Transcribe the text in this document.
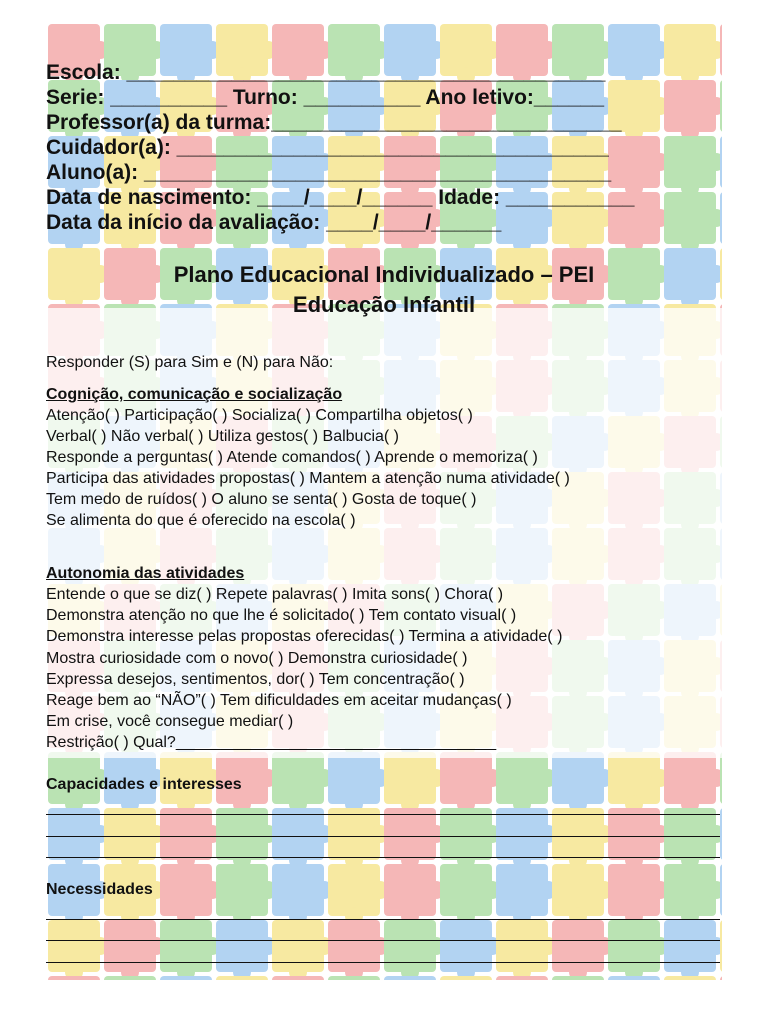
Escola: _________________________________________
Serie: __________ Turno: __________ Ano letivo:______
Professor(a) da turma:______________________________
Cuidador(a): _____________________________________
Aluno(a): ________________________________________
Data de nascimento: ____/____/______ Idade: ___________
Data da início da avaliação: ____/____/______
Plano Educacional Individualizado – PEI
Educação Infantil
Responder (S) para Sim e (N) para Não:
Cognição, comunicação e socialização
Atenção( ) Participação( ) Socializa( ) Compartilha objetos( )
Verbal( ) Não verbal( ) Utiliza gestos( ) Balbucia( )
Responde a perguntas( ) Atende comandos( ) Aprende o memoriza( )
Participa das atividades propostas( ) Mantem a atenção numa atividade( )
Tem medo de ruídos( ) O aluno se senta( ) Gosta de toque( )
Se alimenta do que é oferecido na escola( )
Autonomia das atividades
Entende o que se diz( ) Repete palavras( ) Imita sons( ) Chora( )
Demonstra atenção no que lhe é solicitado( ) Tem contato visual( )
Demonstra interesse pelas propostas oferecidas( ) Termina a atividade( )
Mostra curiosidade com o novo( ) Demonstra curiosidade( )
Expressa desejos, sentimentos, dor( ) Tem concentração( )
Reage bem ao “NÃO”( ) Tem dificuldades em aceitar mudanças( )
Em crise, você consegue mediar( )
Restrição( ) Qual?____________________________________
Capacidades e interesses
Necessidades
